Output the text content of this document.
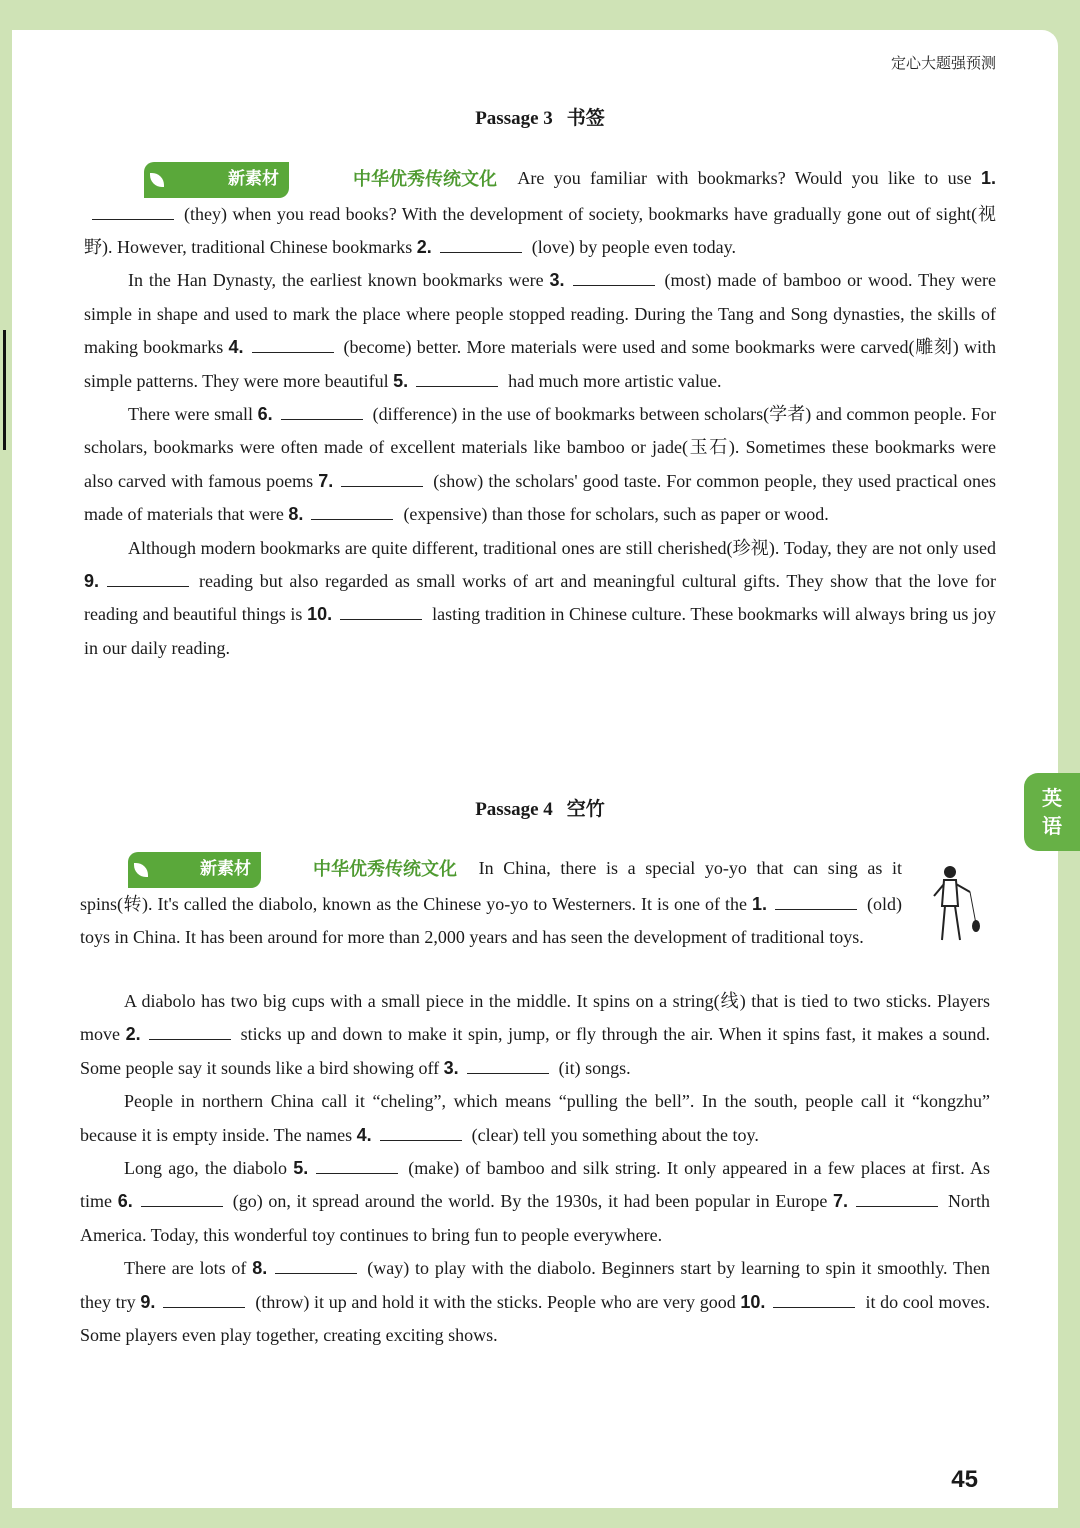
定心大题强预测
Passage 3 书签

新素材	中华优秀传统文化 Are you familiar with bookmarks? Would you like to use 1.(they) when you read books? With the development of society, bookmarks have gradually gone out of sight(视野). However, traditional Chinese bookmarks 2.	(love) by people even today.

In the Han Dynasty, the earliest known bookmarks were 3.	(most) made of bamboo or wood. They were simple in shape and used to mark the place where people stopped reading. During the Tang and Song dynasties, the skills of making bookmarks 4.	(become) better. More materials were used and some bookmarks were carved(雕刻) with simple patterns. They were more beautiful 5.	had much more artistic value.

There were small 6.	(difference) in the use of bookmarks between scholars(学者) and common people. For scholars, bookmarks were often made of excellent materials like bamboo or jade(玉石). Sometimes these bookmarks were also carved with famous poems 7.	(show) the scholars' good taste. For common people, they used practical ones made of materials that were 8.	(expensive) than those for scholars, such as paper or wood.

Although modern bookmarks are quite different, traditional ones are still cherished(珍视). Today, they are not only used 9.	reading but also regarded as small works of art and meaningful cultural gifts. They show that the love for reading and beautiful things is 10.	lasting tradition in Chinese culture. These bookmarks will always bring us joy in our daily reading.

英
语
Passage 4 空竹

新素材	中华优秀传统文化 In China, there is a special yo-yo that can sing as it spins(转). It's called the diabolo, known as the Chinese yo-yo to Westerners. It is one of the 1.	(old) toys in China. It has been around for more than 2,000 years and has seen the development of traditional toys.

A diabolo has two big cups with a small piece in the middle. It spins on a string(线) that is tied to two sticks. Players move 2.	sticks up and down to make it spin, jump, or fly through the air. When it spins fast, it makes a sound. Some people say it sounds like a bird showing off 3.	(it) songs.

People in northern China call it “cheling”, which means “pulling the bell”. In the south, people call it “kongzhu” because it is empty inside. The names 4.	(clear) tell you something about the toy.

Long ago, the diabolo 5.	(make) of bamboo and silk string. It only appeared in a few places at first. As time 6.	(go) on, it spread around the world. By the 1930s, it had been popular in Europe 7.	North America. Today, this wonderful toy continues to bring fun to people everywhere.

There are lots of 8.	(way) to play with the diabolo. Beginners start by learning to spin it smoothly. Then they try 9.	(throw) it up and hold it with the sticks. People who are very good 10.	it do cool moves. Some players even play together, creating exciting shows.

45
